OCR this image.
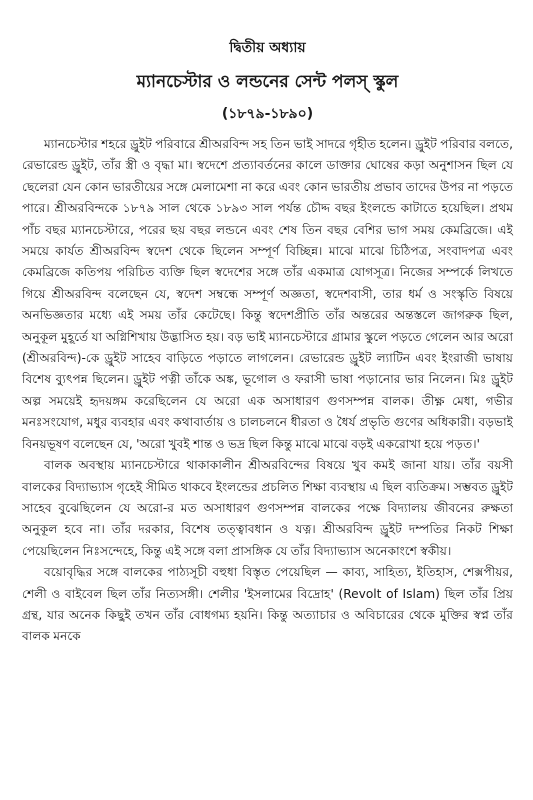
দ্বিতীয় অধ্যায়
ম্যানচেস্টার ও লন্ডনের সেন্ট পলস্ স্কুল
(১৮৭৯-১৮৯০)

ম্যানচেস্টার শহরে ড্রুইট পরিবারে শ্রীঅরবিন্দ সহ তিন ভাই সাদরে গৃহীত হলেন। ড্রুইট পরিবার বলতে, রেভারেন্ড ড্রুইট, তাঁর স্ত্রী ও বৃদ্ধা মা। স্বদেশে প্রত্যাবর্তনের কালে ডাক্তার ঘোষের কড়া অনুশাসন ছিল যে ছেলেরা যেন কোন ভারতীয়ের সঙ্গে মেলামেশা না করে এবং কোন ভারতীয় প্রভাব তাদের উপর না পড়তে পারে। শ্রীঅরবিন্দকে ১৮৭৯ সাল থেকে ১৮৯৩ সাল পর্যন্ত চৌদ্দ বছর ইংলন্ডে কাটাতে হয়েছিল। প্রথম পাঁচ বছর ম্যানচেস্টারে, পরের ছয় বছর লন্ডনে এবং শেষ তিন বছর বেশির ভাগ সময় কেমব্রিজে। এই সময়ে কার্যত শ্রীঅরবিন্দ স্বদেশ থেকে ছিলেন সম্পূর্ণ বিচ্ছিন্ন। মাঝে মাঝে চিঠিপত্র, সংবাদপত্র এবং কেমব্রিজে কতিপয় পরিচিত ব্যক্তি ছিল স্বদেশের সঙ্গে তাঁর একমাত্র যোগসূত্র। নিজের সম্পর্কে লিখতে গিয়ে শ্রীঅরবিন্দ বলেছেন যে, স্বদেশ সম্বন্ধে সম্পূর্ণ অজ্ঞতা, স্বদেশবাসী, তার ধর্ম ও সংস্কৃতি বিষয়ে অনভিজ্ঞতার মধ্যে এই সময় তাঁর কেটেছে। কিন্তু স্বদেশপ্রীতি তাঁর অন্তরের অন্তস্তলে জাগরুক ছিল, অনুকূল মুহূর্তে যা অগ্নিশিখায় উদ্ভাসিত হয়। বড় ভাই ম্যানচেস্টারে গ্রামার স্কুলে পড়তে গেলেন আর অরো (শ্রীঅরবিন্দ)-কে ড্রুইট সাহেব বাড়িতে পড়াতে লাগলেন। রেভারেন্ড ড্রুইট ল্যাটিন এবং ইংরাজী ভাষায় বিশেষ ব্যুৎপন্ন ছিলেন। ড্রুইট পত্নী তাঁকে অঙ্ক, ভূগোল ও ফরাসী ভাষা পড়ানোর ভার নিলেন। মিঃ ড্রুইট অল্প সময়েই হৃদয়ঙ্গম করেছিলেন যে অরো এক অসাধারণ গুণসম্পন্ন বালক। তীক্ষ্ণ মেধা, গভীর মনঃসংযোগ, মধুর ব্যবহার এবং কথাবার্তায় ও চালচলনে ধীরতা ও ধৈর্য প্রভৃতি গুণের অধিকারী। বড়ভাই বিনয়ভূষণ বলেছেন যে, 'অরো খুবই শান্ত ও ভদ্র ছিল কিন্তু মাঝে মাঝে বড়ই একরোখা হয়ে পড়ত।'

বালক অবস্থায় ম্যানচেস্টারে থাকাকালীন শ্রীঅরবিন্দের বিষয়ে খুব কমই জানা যায়। তাঁর বয়সী বালকের বিদ্যাভ্যাস গৃহেই সীমিত থাকবে ইংলন্ডের প্রচলিত শিক্ষা ব্যবস্থায় এ ছিল ব্যতিক্রম। সম্ভবত ড্রুইট সাহেব বুঝেছিলেন যে অরো-র মত অসাধারণ গুণসম্পন্ন বালকের পক্ষে বিদ্যালয় জীবনের রুক্ষতা অনুকূল হবে না। তাঁর দরকার, বিশেষ তত্ত্বাবধান ও যত্ন। শ্রীঅরবিন্দ ড্রুইট দম্পতির নিকট শিক্ষা পেয়েছিলেন নিঃসন্দেহে, কিন্তু এই সঙ্গে বলা প্রাসঙ্গিক যে তাঁর বিদ্যাভ্যাস অনেকাংশে স্বকীয়।

বয়োবৃদ্ধির সঙ্গে বালকের পাঠ্যসূচী বহুধা বিস্তৃত পেয়েছিল — কাব্য, সাহিত্য, ইতিহাস, শেক্সপীয়র, শেলী ও বাইবেল ছিল তাঁর নিত্যসঙ্গী। শেলীর 'ইসলামের বিদ্রোহ' (Revolt of Islam) ছিল তাঁর প্রিয় গ্রন্থ, যার অনেক কিছুই তখন তাঁর বোধগম্য হয়নি। কিন্তু অত্যাচার ও অবিচারের থেকে মুক্তির স্বপ্ন তাঁর বালক মনকে
